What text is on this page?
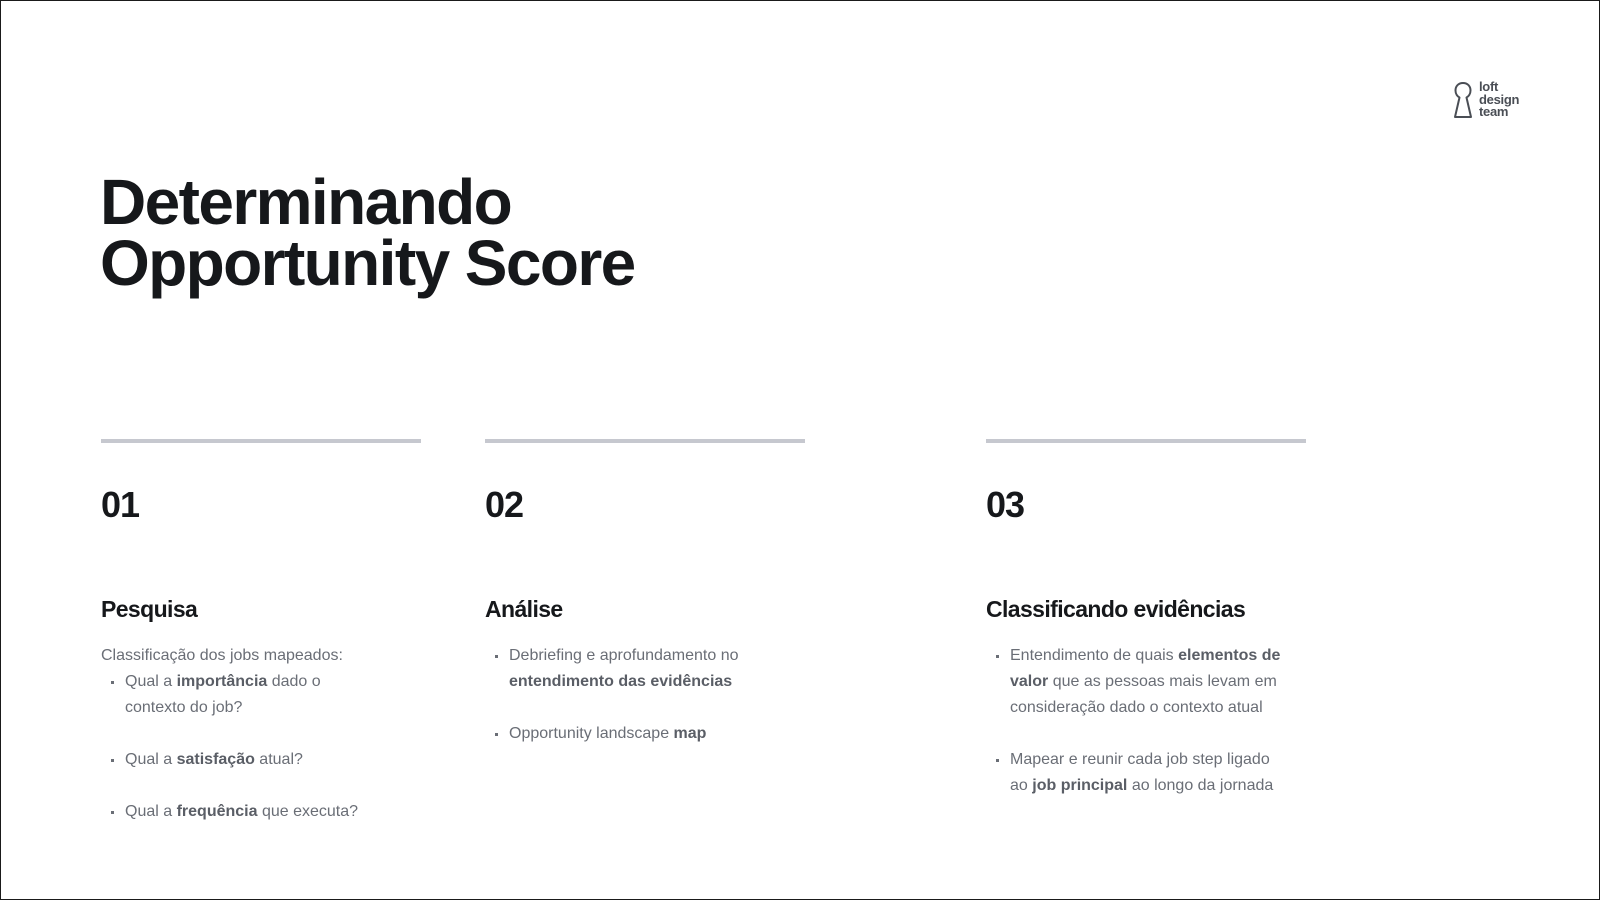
loft
design
team
Determinando
Opportunity Score
01
Pesquisa
Classificação dos jobs mapeados:
Qual a importância dado o contexto do job?
Qual a satisfação atual?
Qual a frequência que executa?
02
Análise
Debriefing e aprofundamento no entendimento das evidências
Opportunity landscape map
03
Classificando evidências
Entendimento de quais elementos de valor que as pessoas mais levam em consideração dado o contexto atual
Mapear e reunir cada job step ligado ao job principal ao longo da jornada
